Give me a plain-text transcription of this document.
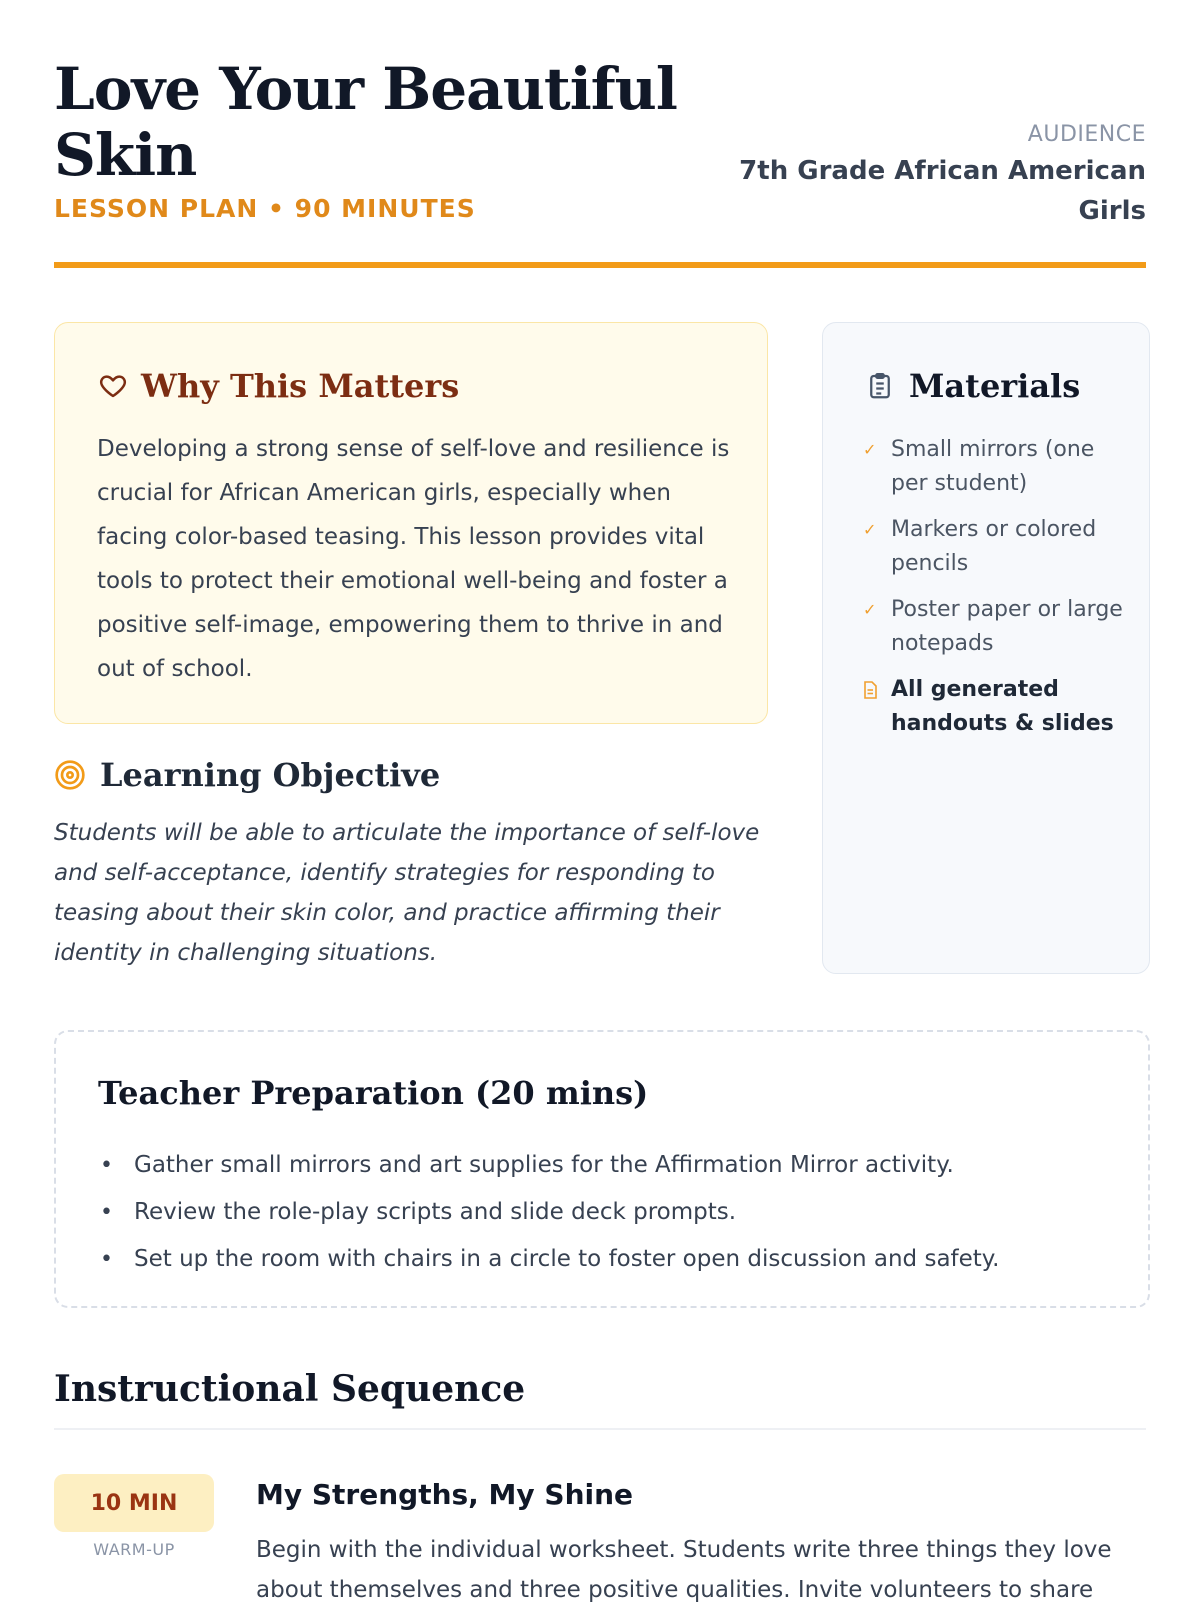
Love Your Beautiful Skin
LESSON PLAN • 90 MINUTES
AUDIENCE
7th Grade African American Girls
Why This Matters
Developing a strong sense of self-love and resilience is crucial for African American girls, especially when facing color-based teasing. This lesson provides vital tools to protect their emotional well-being and foster a positive self-image, empowering them to thrive in and out of school.
Learning Objective
Students will be able to articulate the importance of self-love and self-acceptance, identify strategies for responding to teasing about their skin color, and practice affirming their identity in challenging situations.
Materials
✓ Small mirrors (one per student)
✓ Markers or colored pencils
✓ Poster paper or large notepads
All generated handouts & slides
Teacher Preparation (20 mins)
• Gather small mirrors and art supplies for the Affirmation Mirror activity.
• Review the role-play scripts and slide deck prompts.
• Set up the room with chairs in a circle to foster open discussion and safety.
Instructional Sequence
10 MIN
WARM-UP
My Strengths, My Shine
Begin with the individual worksheet. Students write three things they love about themselves and three positive qualities. Invite volunteers to share
